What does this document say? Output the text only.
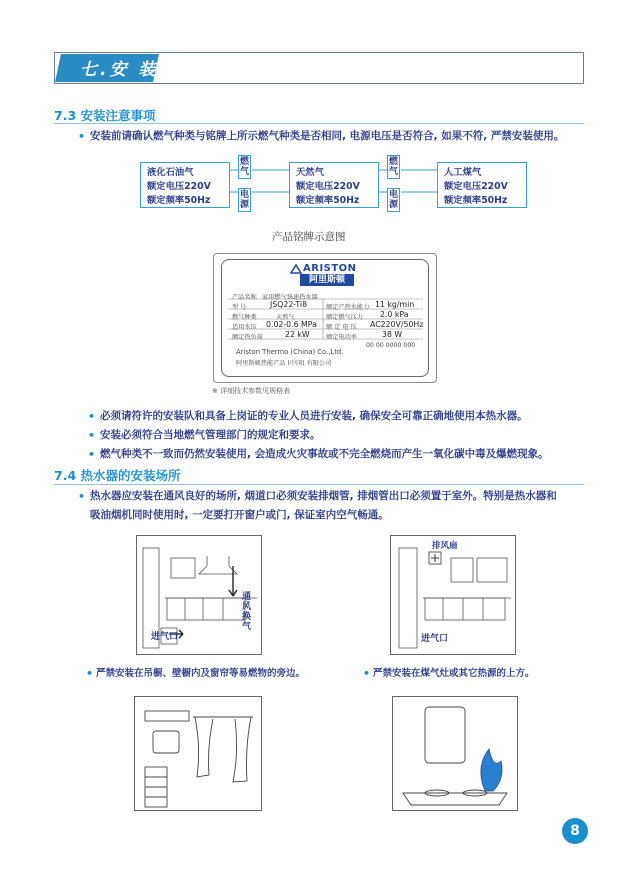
七.安 装
7.3 安装注意事项
• 安装前请确认燃气种类与铭牌上所示燃气种类是否相同, 电源电压是否符合, 如果不符, 严禁安装使用。
液化石油气
额定电压220V
额定频率50Hz
天然气
额定电压220V
额定频率50Hz
人工煤气
额定电压220V
额定频率50Hz
燃气
电源
燃气
电源
产品铭牌示意图
ARISTON
阿里斯顿
产品名称 家用燃气快速热水器
型 号	JSQ22-Ti8	额定产热水能力 11 kg/min
燃气种类	天然气	额定燃气压力 2.0 kPa
适用水压 0.02-0.6 MPa 额 定 电 压 AC220V/50Hz
额定热负荷	22 kW	额定电功率	38 W
00 00 0000 000
Ariston Thermo (China) Co.,Ltd.
阿里斯顿热能产品 (中国) 有限公司
※ 详细技术参数见规格表
• 必须请符许的安装队和具备上岗证的专业人员进行安装, 确保安全可靠正确地使用本热水器。
• 安装必须符合当地燃气管理部门的规定和要求。
• 燃气种类不一致而仍然安装使用, 会造成火灾事故或不完全燃烧而产生一氧化碳中毒及爆燃现象。
7.4 热水器的安装场所
• 热水器应安装在通风良好的场所, 烟道口必须安装排烟管, 排烟管出口必须置于室外。特别是热水器和
吸油烟机同时使用时, 一定要打开窗户或门, 保证室内空气畅通。
通风换气
进气口
排风扇
进气口
• 严禁安装在吊橱、壁橱内及窗帘等易燃物的旁边。	• 严禁安装在煤气灶或其它热源的上方。
8
